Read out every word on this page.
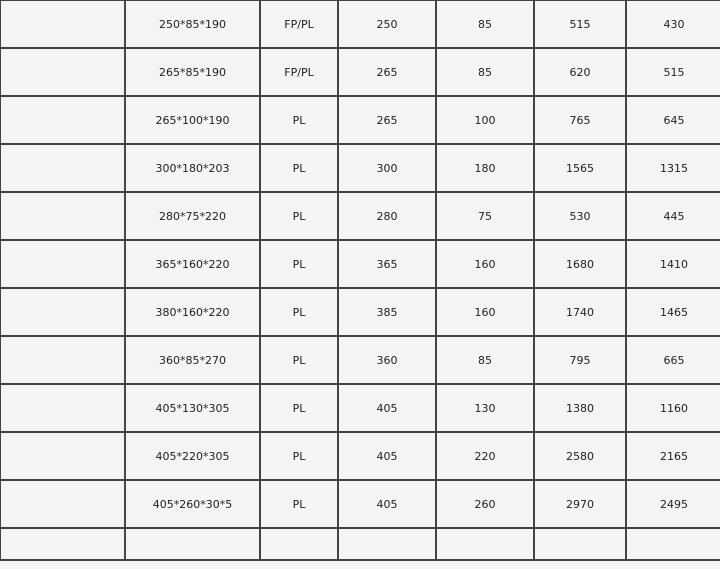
	250*85*190	FP/PL	250	85	515	430
	265*85*190	FP/PL	265	85	620	515
	265*100*190	PL	265	100	765	645
	300*180*203	PL	300	180	1565	1315
	280*75*220	PL	280	75	530	445
	365*160*220	PL	365	160	1680	1410
	380*160*220	PL	385	160	1740	1465
	360*85*270	PL	360	85	795	665
	405*130*305	PL	405	130	1380	1160
	405*220*305	PL	405	220	2580	2165
	405*260*30*5	PL	405	260	2970	2495
